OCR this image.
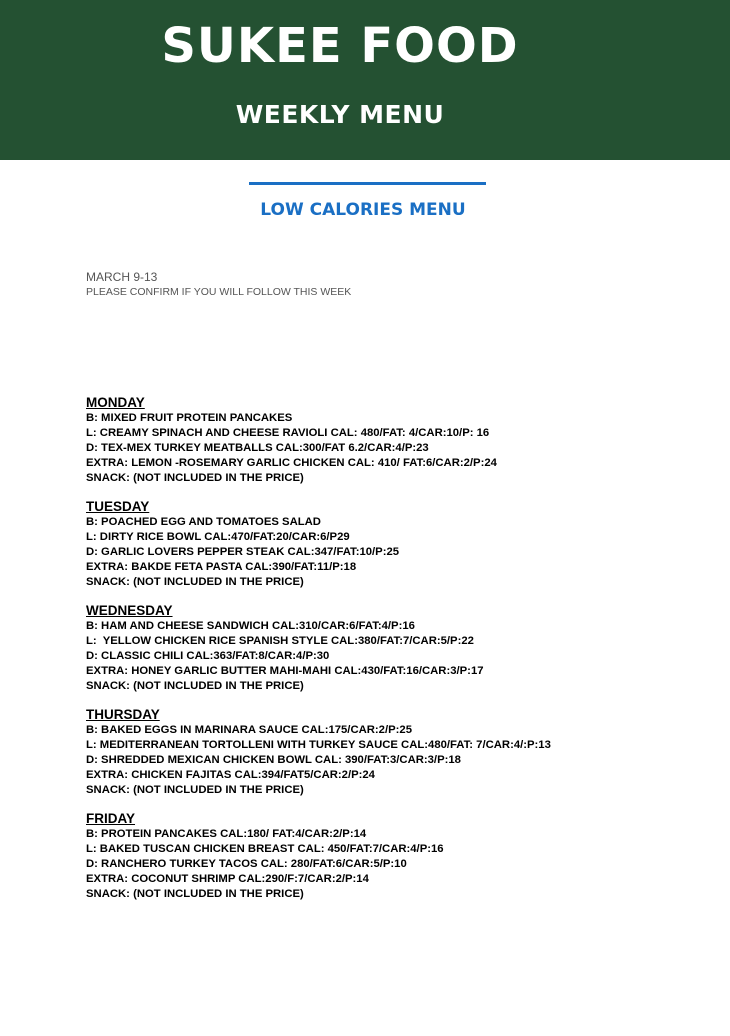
SUKEE FOOD
WEEKLY MENU
LOW CALORIES MENU
MARCH 9-13
PLEASE CONFIRM IF YOU WILL FOLLOW THIS WEEK
MONDAY
B: MIXED FRUIT PROTEIN PANCAKES
L: CREAMY SPINACH AND CHEESE RAVIOLI CAL: 480/FAT: 4/CAR:10/P: 16
D: TEX-MEX TURKEY MEATBALLS CAL:300/FAT 6.2/CAR:4/P:23
EXTRA: LEMON -ROSEMARY GARLIC CHICKEN CAL: 410/ FAT:6/CAR:2/P:24
SNACK: (NOT INCLUDED IN THE PRICE)
TUESDAY
B: POACHED EGG AND TOMATOES SALAD
L: DIRTY RICE BOWL CAL:470/FAT:20/CAR:6/P29
D: GARLIC LOVERS PEPPER STEAK CAL:347/FAT:10/P:25
EXTRA: BAKDE FETA PASTA CAL:390/FAT:11/P:18
SNACK: (NOT INCLUDED IN THE PRICE)
WEDNESDAY
B: HAM AND CHEESE SANDWICH CAL:310/CAR:6/FAT:4/P:16
L:  YELLOW CHICKEN RICE SPANISH STYLE CAL:380/FAT:7/CAR:5/P:22
D: CLASSIC CHILI CAL:363/FAT:8/CAR:4/P:30
EXTRA: HONEY GARLIC BUTTER MAHI-MAHI CAL:430/FAT:16/CAR:3/P:17
SNACK: (NOT INCLUDED IN THE PRICE)
THURSDAY
B: BAKED EGGS IN MARINARA SAUCE CAL:175/CAR:2/P:25
L: MEDITERRANEAN TORTOLLENI WITH TURKEY SAUCE CAL:480/FAT: 7/CAR:4/:P:13
D: SHREDDED MEXICAN CHICKEN BOWL CAL: 390/FAT:3/CAR:3/P:18
EXTRA: CHICKEN FAJITAS CAL:394/FAT5/CAR:2/P:24
SNACK: (NOT INCLUDED IN THE PRICE)
FRIDAY
B: PROTEIN PANCAKES CAL:180/ FAT:4/CAR:2/P:14
L: BAKED TUSCAN CHICKEN BREAST CAL: 450/FAT:7/CAR:4/P:16
D: RANCHERO TURKEY TACOS CAL: 280/FAT:6/CAR:5/P:10
EXTRA: COCONUT SHRIMP CAL:290/F:7/CAR:2/P:14
SNACK: (NOT INCLUDED IN THE PRICE)
